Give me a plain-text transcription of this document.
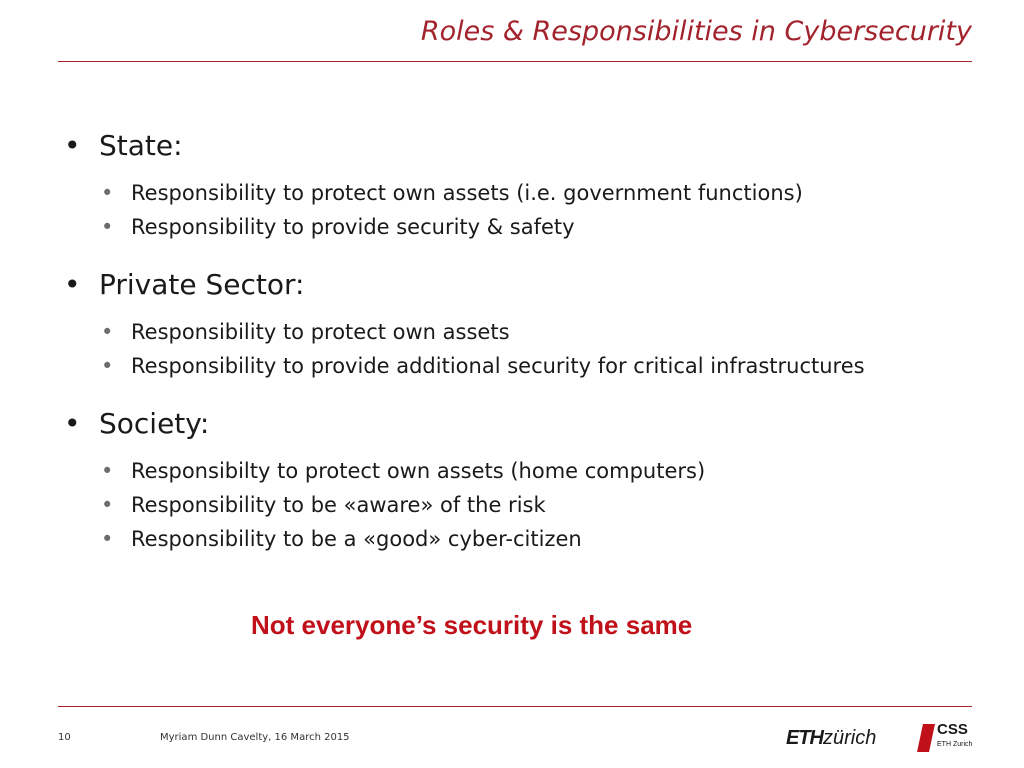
Roles & Responsibilities in Cybersecurity
• State:
• Responsibility to protect own assets (i.e. government functions)
• Responsibility to provide security & safety
• Private Sector:
• Responsibility to protect own assets
• Responsibility to provide additional security for critical infrastructures
• Society:
• Responsibilty to protect own assets (home computers)
• Responsibility to be «aware» of the risk
• Responsibility to be a «good» cyber-citizen
Not everyone’s security is the same
10	Myriam Dunn Cavelty, 16 March 2015	ETHzürich	CSS
ETH Zurich
